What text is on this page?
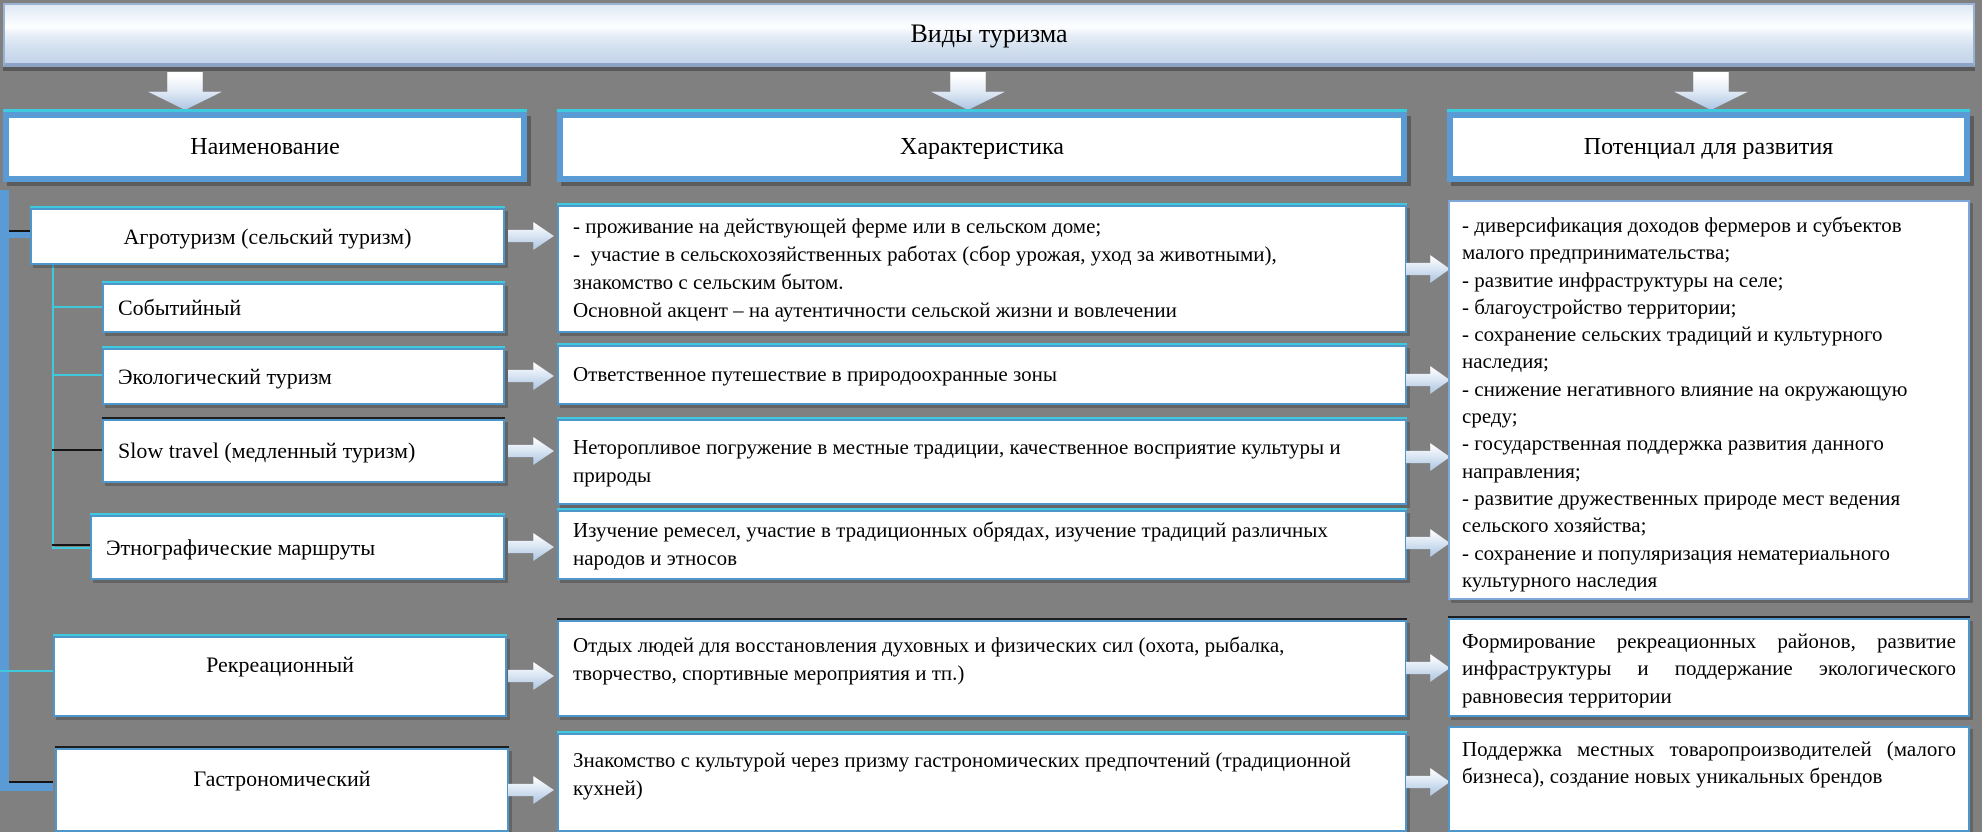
Виды туризма
Наименование	Характеристика	Потенциал для развития
Агротуризм (сельский туризм)
Событийный
Экологический туризм
Slow travel (медленный туризм)
Этнографические маршруты
Рекреационный
Гастрономический
- проживание на действующей ферме или в сельском доме;
-  участие в сельскохозяйственных работах (сбор урожая, уход за животными), знакомство с сельским бытом.
Основной акцент – на аутентичности сельской жизни и вовлечении
Ответственное путешествие в природоохранные зоны
Неторопливое погружение в местные традиции, качественное восприятие культуры и природы
Изучение ремесел, участие в традиционных обрядах, изучение традиций различных народов и этносов
Отдых людей для восстановления духовных и физических сил (охота, рыбалка, творчество, спортивные мероприятия и тп.)
Знакомство с культурой через призму гастрономических предпочтений (традиционной кухней)
- диверсификация доходов фермеров и субъектов малого предпринимательства;
- развитие инфраструктуры на селе;
- благоустройство территории;
- сохранение сельских традиций и культурного наследия;
- снижение негативного влияние на окружающую среду;
- государственная поддержка развития данного направления;
- развитие дружественных природе мест ведения сельского хозяйства;
- сохранение и популяризация нематериального культурного наследия
Формирование рекреационных районов, развитие инфраструктуры и поддержание экологического равновесия территории
Поддержка местных товаропроизводителей (малого бизнеса), создание новых уникальных брендов
